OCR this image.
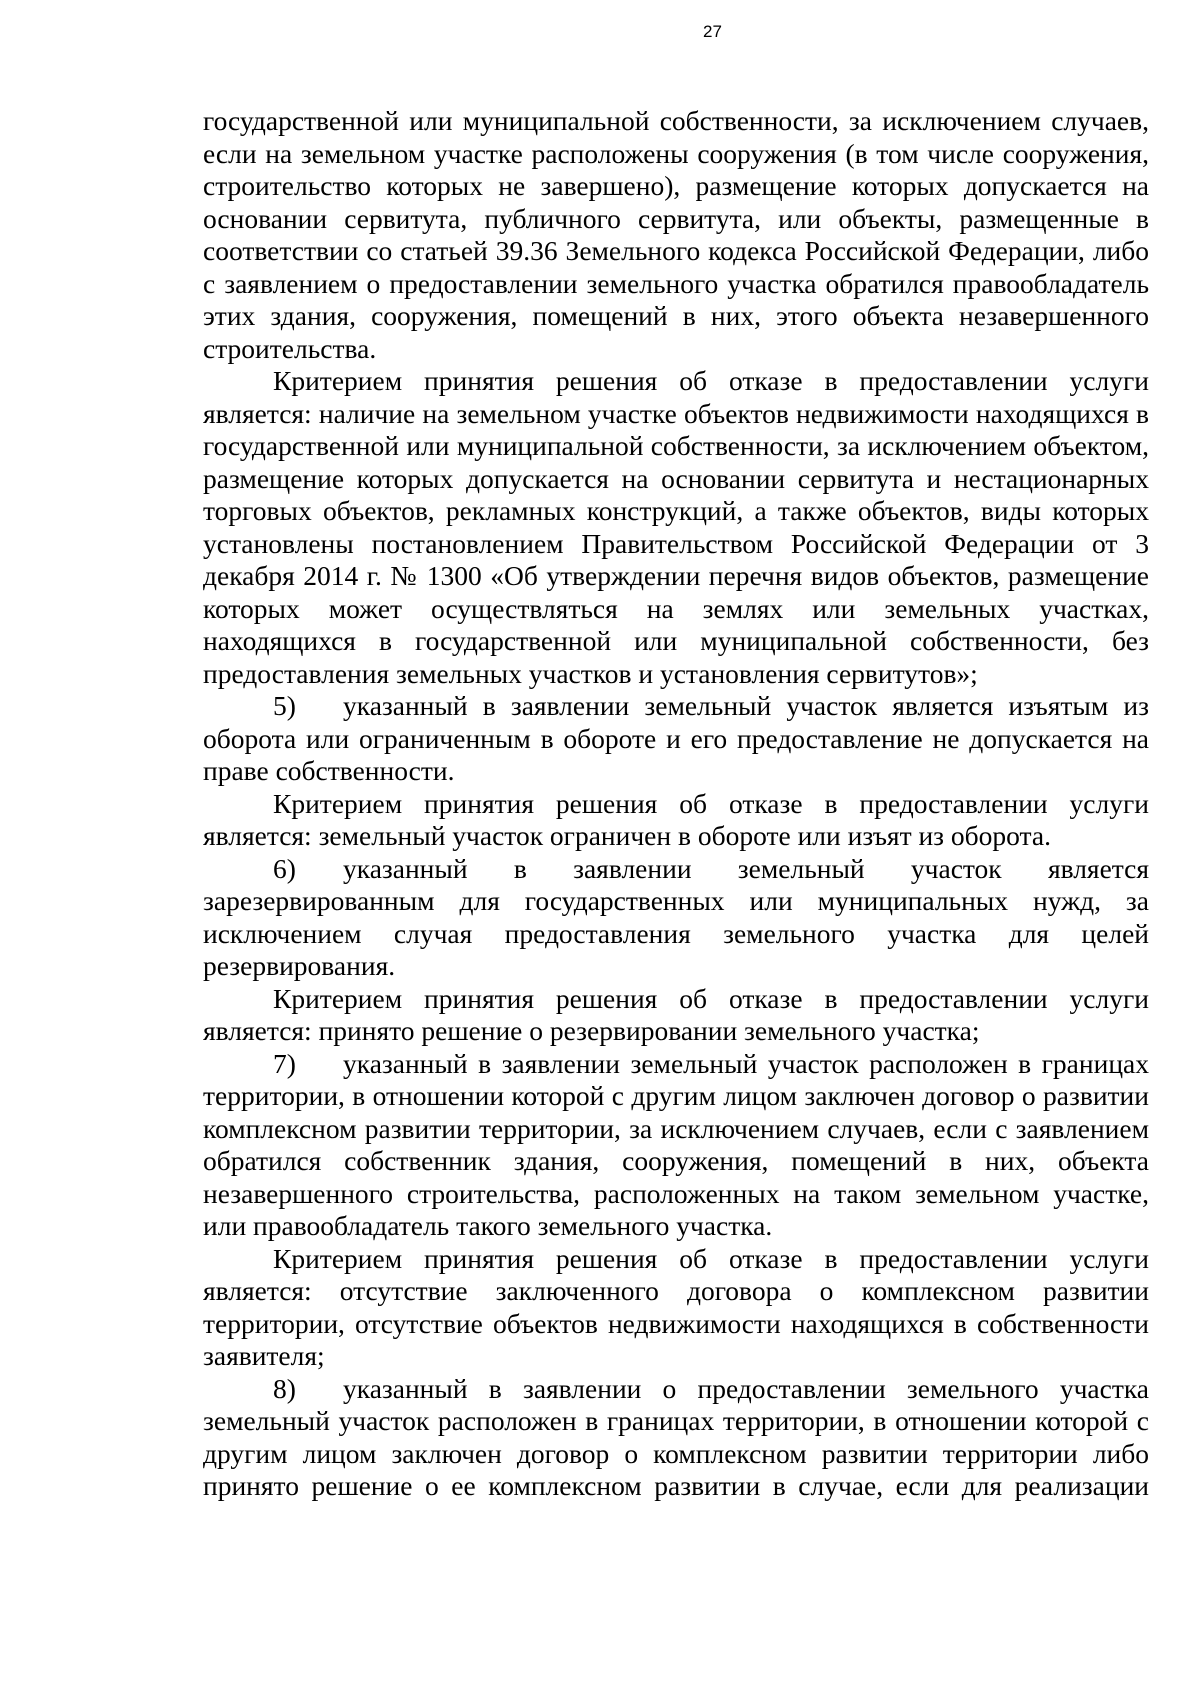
27

государственной или муниципальной собственности, за исключением случаев, если на земельном участке расположены сооружения (в том числе сооружения, строительство которых не завершено), размещение которых допускается на основании сервитута, публичного сервитута, или объекты, размещенные в соответствии со статьей 39.36 Земельного кодекса Российской Федерации, либо с заявлением о предоставлении земельного участка обратился правообладатель этих здания, сооружения, помещений в них, этого объекта незавершенного строительства.

Критерием принятия решения об отказе в предоставлении услуги является: наличие на земельном участке объектов недвижимости находящихся в государственной или муниципальной собственности, за исключением объектом, размещение которых допускается на основании сервитута и нестационарных торговых объектов, рекламных конструкций, а также объектов, виды которых установлены постановлением Правительством Российской Федерации от 3 декабря 2014 г. № 1300 «Об утверждении перечня видов объектов, размещение которых может осуществляться на землях или земельных участках, находящихся в государственной или муниципальной собственности, без предоставления земельных участков и установления сервитутов»;

5) указанный в заявлении земельный участок является изъятым из оборота или ограниченным в обороте и его предоставление не допускается на праве собственности.

Критерием принятия решения об отказе в предоставлении услуги является: земельный участок ограничен в обороте или изъят из оборота.

6) указанный в заявлении земельный участок является зарезервированным для государственных или муниципальных нужд, за исключением случая предоставления земельного участка для целей резервирования.

Критерием принятия решения об отказе в предоставлении услуги является: принято решение о резервировании земельного участка;

7) указанный в заявлении земельный участок расположен в границах территории, в отношении которой с другим лицом заключен договор о развитии комплексном развитии территории, за исключением случаев, если с заявлением обратился собственник здания, сооружения, помещений в них, объекта незавершенного строительства, расположенных на таком земельном участке, или правообладатель такого земельного участка.

Критерием принятия решения об отказе в предоставлении услуги является: отсутствие заключенного договора о комплексном развитии территории, отсутствие объектов недвижимости находящихся в собственности заявителя;

8) указанный в заявлении о предоставлении земельного участка земельный участок расположен в границах территории, в отношении которой с другим лицом заключен договор о комплексном развитии территории либо принято решение о ее комплексном развитии в случае, если для реализации
